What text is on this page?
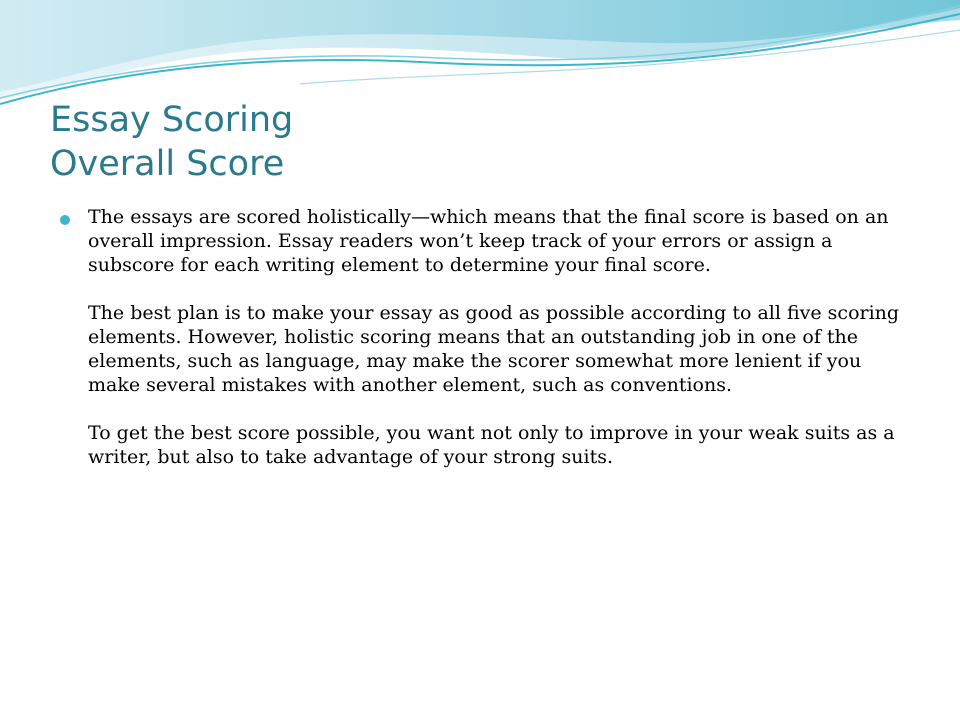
Essay Scoring
Overall Score

The essays are scored holistically—which means that the final score is based on an overall impression. Essay readers won’t keep track of your errors or assign a subscore for each writing element to determine your final score.

The best plan is to make your essay as good as possible according to all five scoring elements. However, holistic scoring means that an outstanding job in one of the elements, such as language, may make the scorer somewhat more lenient if you make several mistakes with another element, such as conventions.

To get the best score possible, you want not only to improve in your weak suits as a writer, but also to take advantage of your strong suits.
